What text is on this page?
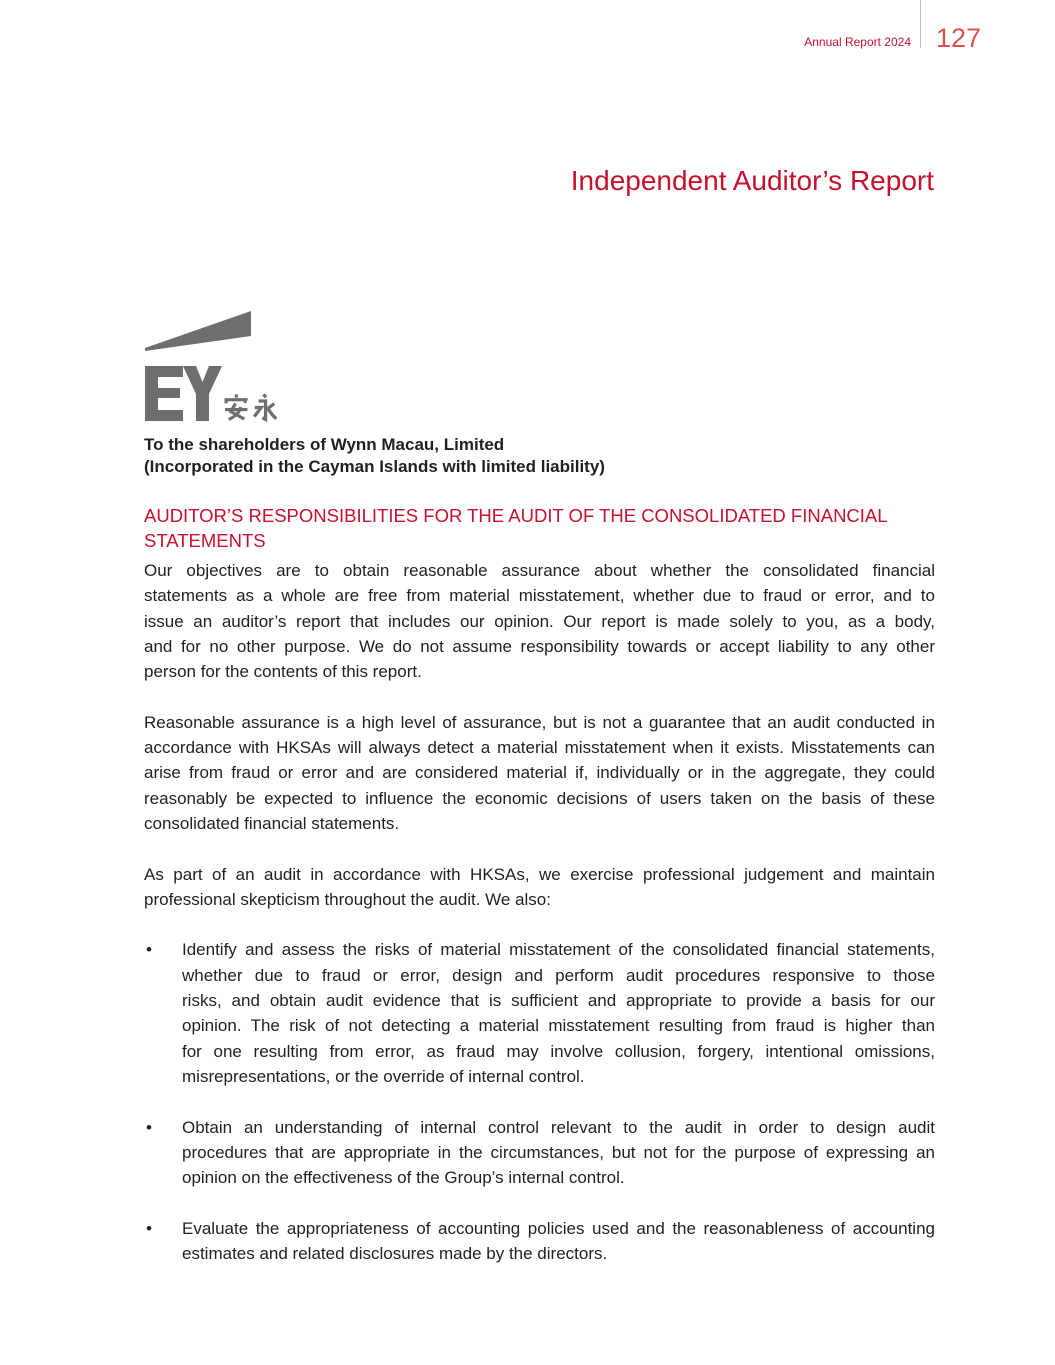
Annual Report 2024 127
Independent Auditor’s Report
To the shareholders of Wynn Macau, Limited
(Incorporated in the Cayman Islands with limited liability)
AUDITOR’S RESPONSIBILITIES FOR THE AUDIT OF THE CONSOLIDATED FINANCIAL STATEMENTS
Our objectives are to obtain reasonable assurance about whether the consolidated financial
statements as a whole are free from material misstatement, whether due to fraud or error, and to
issue an auditor’s report that includes our opinion. Our report is made solely to you, as a body,
and for no other purpose. We do not assume responsibility towards or accept liability to any other
person for the contents of this report.
Reasonable assurance is a high level of assurance, but is not a guarantee that an audit conducted in
accordance with HKSAs will always detect a material misstatement when it exists. Misstatements can
arise from fraud or error and are considered material if, individually or in the aggregate, they could
reasonably be expected to influence the economic decisions of users taken on the basis of these
consolidated financial statements.
As part of an audit in accordance with HKSAs, we exercise professional judgement and maintain
professional skepticism throughout the audit. We also:
• Identify and assess the risks of material misstatement of the consolidated financial statements,
whether due to fraud or error, design and perform audit procedures responsive to those
risks, and obtain audit evidence that is sufficient and appropriate to provide a basis for our
opinion. The risk of not detecting a material misstatement resulting from fraud is higher than
for one resulting from error, as fraud may involve collusion, forgery, intentional omissions,
misrepresentations, or the override of internal control.
• Obtain an understanding of internal control relevant to the audit in order to design audit
procedures that are appropriate in the circumstances, but not for the purpose of expressing an
opinion on the effectiveness of the Group’s internal control.
• Evaluate the appropriateness of accounting policies used and the reasonableness of accounting
estimates and related disclosures made by the directors.
